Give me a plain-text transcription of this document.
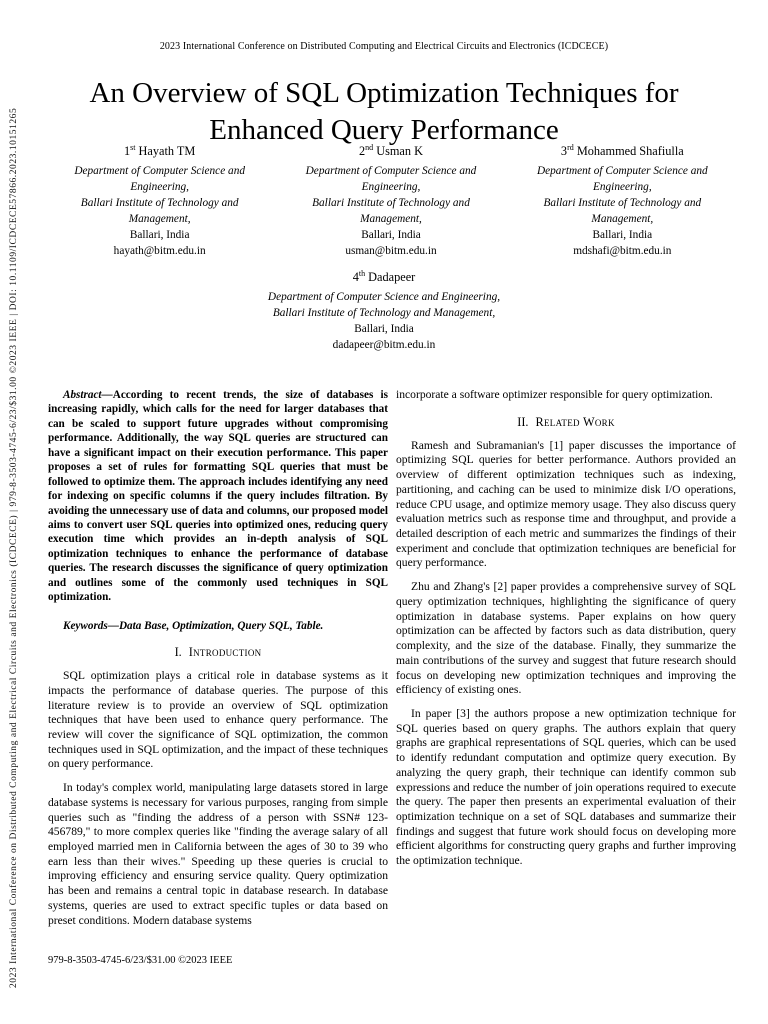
2023 International Conference on Distributed Computing and Electrical Circuits and Electronics (ICDCECE) | 979-8-3503-4745-6/23/$31.00 ©2023 IEEE | DOI: 10.1109/ICDCECE57866.2023.10151265
2023 International Conference on Distributed Computing and Electrical Circuits and Electronics (ICDCECE)
An Overview of SQL Optimization Techniques for Enhanced Query Performance
1st Hayath TM
Department of Computer Science and Engineering,
Ballari Institute of Technology and Management,
Ballari, India
hayath@bitm.edu.in
2nd Usman K
Department of Computer Science and Engineering,
Ballari Institute of Technology and Management,
Ballari, India
usman@bitm.edu.in
3rd Mohammed Shafiulla
Department of Computer Science and Engineering,
Ballari Institute of Technology and Management,
Ballari, India
mdshafi@bitm.edu.in
4th Dadapeer
Department of Computer Science and Engineering,
Ballari Institute of Technology and Management,
Ballari, India
dadapeer@bitm.edu.in

Abstract—According to recent trends, the size of databases is increasing rapidly, which calls for the need for larger databases that can be scaled to support future upgrades without compromising performance. Additionally, the way SQL queries are structured can have a significant impact on their execution performance. This paper proposes a set of rules for formatting SQL queries that must be followed to optimize them. The approach includes identifying any need for indexing on specific columns if the query includes filtration. By avoiding the unnecessary use of data and columns, our proposed model aims to convert user SQL queries into optimized ones, reducing query execution time which provides an in-depth analysis of SQL optimization techniques to enhance the performance of database queries. The research discusses the significance of query optimization and outlines some of the commonly used techniques in SQL optimization.

Keywords—Data Base, Optimization, Query SQL, Table.

I. Introduction

SQL optimization plays a critical role in database systems as it impacts the performance of database queries. The purpose of this literature review is to provide an overview of SQL optimization techniques that have been used to enhance query performance. The review will cover the significance of SQL optimization, the common techniques used in SQL optimization, and the impact of these techniques on query performance.

In today's complex world, manipulating large datasets stored in large database systems is necessary for various purposes, ranging from simple queries such as "finding the address of a person with SSN# 123-456789," to more complex queries like "finding the average salary of all employed married men in California between the ages of 30 to 39 who earn less than their wives." Speeding up these queries is crucial to improving efficiency and ensuring service quality. Query optimization has been and remains a central topic in database research. In database systems, queries are used to extract specific tuples or data based on preset conditions. Modern database systems

incorporate a software optimizer responsible for query optimization.

II. Related Work

Ramesh and Subramanian's [1] paper discusses the importance of optimizing SQL queries for better performance. Authors provided an overview of different optimization techniques such as indexing, partitioning, and caching can be used to minimize disk I/O operations, reduce CPU usage, and optimize memory usage. They also discuss query evaluation metrics such as response time and throughput, and provide a detailed description of each metric and summarizes the findings of their experiment and conclude that optimization techniques are beneficial for query performance.

Zhu and Zhang's [2] paper provides a comprehensive survey of SQL query optimization techniques, highlighting the significance of query optimization in database systems. Paper explains on how query optimization can be affected by factors such as data distribution, query complexity, and the size of the database. Finally, they summarize the main contributions of the survey and suggest that future research should focus on developing new optimization techniques and improving the efficiency of existing ones.

In paper [3] the authors propose a new optimization technique for SQL queries based on query graphs. The authors explain that query graphs are graphical representations of SQL queries, which can be used to identify redundant computation and optimize query execution. By analyzing the query graph, their technique can identify common sub expressions and reduce the number of join operations required to execute the query. The paper then presents an experimental evaluation of their optimization technique on a set of SQL databases and summarize their findings and suggest that future work should focus on developing more efficient algorithms for constructing query graphs and further improving the optimization technique.

979-8-3503-4745-6/23/$31.00 ©2023 IEEE
